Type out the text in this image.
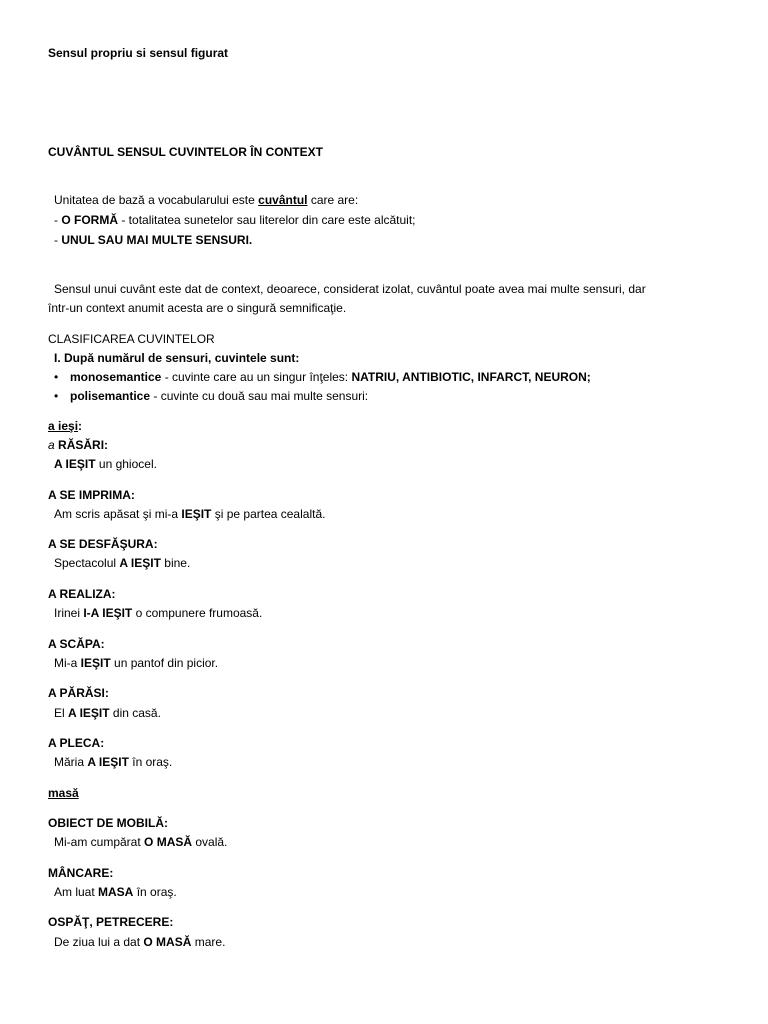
Sensul propriu si sensul figurat
CUVÂNTUL SENSUL CUVINTELOR ÎN CONTEXT
Unitatea de bază a vocabularului este cuvântul care are:
- O FORMĂ - totalitatea sunetelor sau literelor din care este alcătuit;
- UNUL SAU MAI MULTE SENSURI.
Sensul unui cuvânt este dat de context, deoarece, considerat izolat, cuvântul poate avea mai multe sensuri, dar
într-un context anumit acesta are o singură semnificaţie.
CLASIFICAREA CUVINTELOR
I. După numărul de sensuri, cuvintele sunt:
• monosemantice - cuvinte care au un singur înţeles: NATRIU, ANTIBIOTIC, INFARCT, NEURON;
• polisemantice - cuvinte cu două sau mai multe sensuri:
a ieşi:
a RĂSĂRI:
A IEŞIT un ghiocel.
A SE IMPRIMA:
Am scris apăsat şi mi-a IEŞIT şi pe partea cealaltă.
A SE DESFĂŞURA:
Spectacolul A IEŞIT bine.
A REALIZA:
Irinei I-A IEŞIT o compunere frumoasă.
A SCĂPA:
Mi-a IEŞIT un pantof din picior.
A PĂRĂSI:
El A IEŞIT din casă.
A PLECA:
Măria A IEŞIT în oraş.
masă
OBIECT DE MOBILĂ:
Mi-am cumpărat O MASĂ ovală.
MÂNCARE:
Am luat MASA în oraş.
OSPĂŢ, PETRECERE:
De ziua lui a dat O MASĂ mare.
